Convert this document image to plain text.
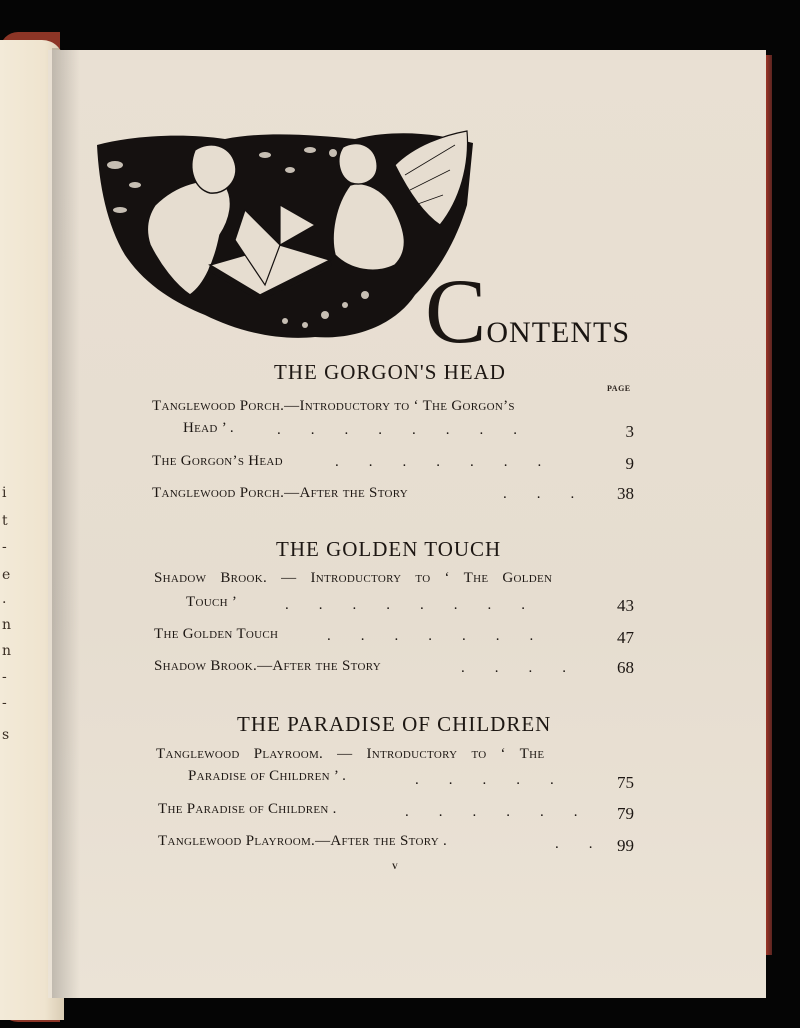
i
t
-
e
.
n
n
-
-
s
CONTENTS
THE GORGON'S HEAD
PAGE
Tanglewood Porch.—Introductory to ‘ The Gorgon’s
Head ’ . .        .        .        .        .        .        .        .	3
The Gorgon’s Head .        .        .        .        .        .        .	9
Tanglewood Porch.—After the Story	.        .        .	38
THE GOLDEN TOUCH
Shadow Brook. — Introductory to ‘ The Golden
Touch ’ .        .        .        .        .        .        .        .	43
The Golden Touch .        .        .        .        .        .        .	47
Shadow Brook.—After the Story	.        .        .        .	68
THE PARADISE OF CHILDREN
Tanglewood Playroom. — Introductory to ‘ The
Paradise of Children ’ .	.        .        .        .        .	75
The Paradise of Children .	.        .        .        .        .        .	79
Tanglewood Playroom.—After the Story .	.        .	99
v
